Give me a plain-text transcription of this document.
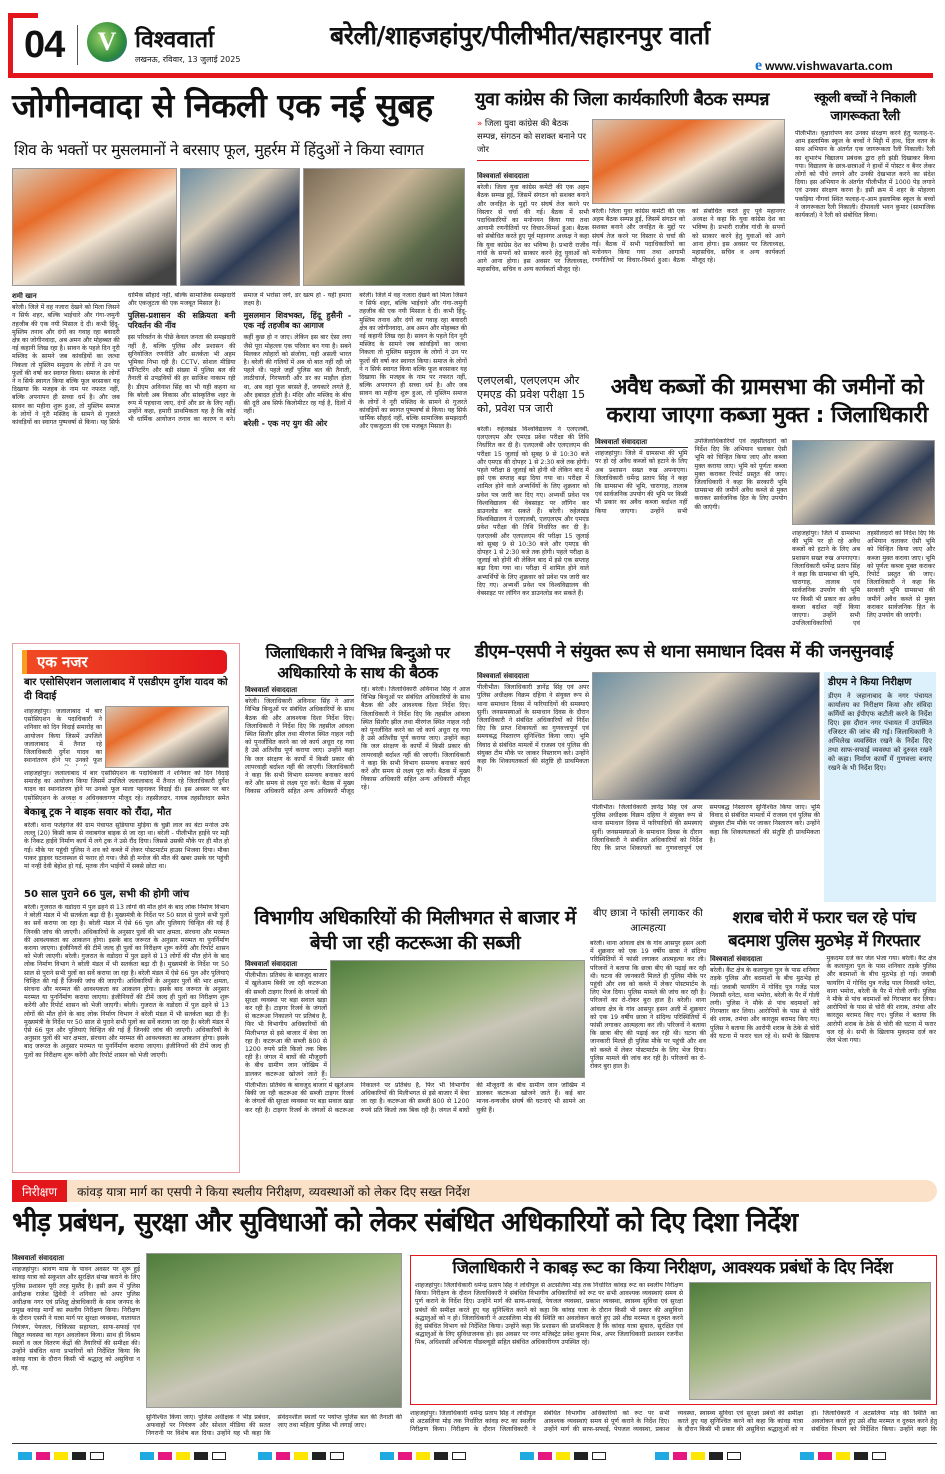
04	V विश्ववार्ता
लखनऊ, रविवार, 13 जुलाई 2025
बरेली/शाहजहांपुर/पीलीभीत/सहारनपुर वार्ता
e www.vishwavarta.com
जोगीनवादा से निकली एक नई सुबह
शिव के भक्तों पर मुसलमानों ने बरसाए फूल, मुहर्रम में हिंदुओं ने किया स्वागत
शमी खान
बरेली। जिले में वह नजारा देखने को मिला जिसने न सिर्फ शहर, बल्कि भाईचारे और गंगा-जमुनी तहजीब की एक नयी मिसाल दे दी। कभी हिंदू-मुस्लिम तनाव और दंगों का गवाह रहा बवादरी क्षेत्र का जोगीनवादा, अब अमन और मोहब्बत की नई कहानी लिख रहा है। सावन के पहले दिन नूरी मस्जिद के सामने जब कांवड़ियों का जत्था निकला तो मुस्लिम समुदाय के लोगों ने उन पर फूलों की वर्षा कर स्वागत किया। समाज के लोगों ने न सिर्फ स्वागत किया बल्कि फूल बरसाकर यह दिखाया कि मजहब के नाम पर नफरत नहीं, बल्कि अपनापन ही सच्चा धर्म है। और जब सावन का महीना शुरू हुआ, तो मुस्लिम समाज के लोगों ने नूरी मस्जिद के सामने से गुजरते कांवड़ियों का स्वागत पुष्पवर्षा से किया। यह सिर्फ धार्मिक सौहार्द नहीं, बल्कि सामाजिक समझदारी और एकजुटता की एक मजबूत मिसाल है।
पुलिस-प्रशासन की सक्रियता बनी परिवर्तन की नींव
इस परिवर्तन के पीछे केवल जनता की समझदारी नहीं है, बल्कि पुलिस और प्रशासन की सुनियोजित रणनीति और सतर्कता भी अहम भूमिका निभा रही है। CCTV, सोशल मीडिया मॉनिटरिंग और बड़ी संख्या में पुलिस बल की तैनाती से उपद्रवियों की हर साजिश नाकाम रही है। डीएम अविनाश सिंह का भी यही कहना था कि बरेली अब विकास और सांस्कृतिक शहर के रूप में पहचाना जाए, दंगों और डर के लिए नहीं। उन्होंने कहा, हमारी प्राथमिकता यह है कि कोई भी धार्मिक आयोजन तनाव का कारण न बने। समाज में भरोसा जगे, डर खत्म हो - यही हमारा लक्ष्य है।
मुसलमान शिवभक्त, हिंदू हुसैनी - एक नई तहजीब का आगाज
कहीं कुछ हो न जाए। लेकिन इस बार ऐसा लगा जैसे पूरा मोहल्ला एक परिवार बन गया है। सबने मिलकर त्योहारों को संजोया, यही असली भारत है। बरेली की गलियों में अब वो बात नहीं रही जो पहले थी। पहले जहाँ पुलिस बल की तैनाती, लाठीचार्ज, गिरफ्तारी और डर का माहौल होता था, अब वहां फूल बरसते हैं, जयकारे लगते हैं, और इबादत होती है। मंदिर और मस्जिद के बीच की दूरी अब सिर्फ किलोमीटर रह गई है, दिलों में नहीं।
बरेली - एक नए युग की ओर
बरेली। जिले में वह नजारा देखने को मिला जिसने न सिर्फ शहर, बल्कि भाईचारे और गंगा-जमुनी तहजीब की एक नयी मिसाल दे दी। कभी हिंदू-मुस्लिम तनाव और दंगों का गवाह रहा बवादरी क्षेत्र का जोगीनवादा, अब अमन और मोहब्बत की नई कहानी लिख रहा है। सावन के पहले दिन नूरी मस्जिद के सामने जब कांवड़ियों का जत्था निकला तो मुस्लिम समुदाय के लोगों ने उन पर फूलों की वर्षा कर स्वागत किया। समाज के लोगों ने न सिर्फ स्वागत किया बल्कि फूल बरसाकर यह दिखाया कि मजहब के नाम पर नफरत नहीं, बल्कि अपनापन ही सच्चा धर्म है। और जब सावन का महीना शुरू हुआ, तो मुस्लिम समाज के लोगों ने नूरी मस्जिद के सामने से गुजरते कांवड़ियों का स्वागत पुष्पवर्षा से किया। यह सिर्फ धार्मिक सौहार्द नहीं, बल्कि सामाजिक समझदारी और एकजुटता की एक मजबूत मिसाल है।
युवा कांग्रेस की जिला कार्यकारिणी बैठक सम्पन्न
» जिला युवा कांग्रेस की बैठक सम्पन्न, संगठन को सशक्त बनाने पर जोर
विश्ववार्ता संवाददाता
बरेली। जिला युवा कांग्रेस कमेटी की एक अहम बैठक सम्पन्न हुई, जिसमें संगठन को सशक्त बनाने और जनहित के मुद्दों पर संघर्ष तेज करने पर विस्तार से चर्चा की गई। बैठक में सभी पदाधिकारियों का मनोनयन किया गया तथा आगामी रणनीतियों पर विचार-विमर्श हुआ। बैठक को संबोधित करते हुए पूर्व महानगर अध्यक्ष ने कहा कि युवा कांग्रेस देश का भविष्य है। प्रभारी राजीव गांधी के सपनों को साकार करने हेतु युवाओं को आगे आना होगा। इस अवसर पर जिलाध्यक्ष, महासचिव, सचिव व अन्य कार्यकर्ता मौजूद रहे।
बरेली। जिला युवा कांग्रेस कमेटी की एक अहम बैठक सम्पन्न हुई, जिसमें संगठन को सशक्त बनाने और जनहित के मुद्दों पर संघर्ष तेज करने पर विस्तार से चर्चा की गई। बैठक में सभी पदाधिकारियों का मनोनयन किया गया तथा आगामी रणनीतियों पर विचार-विमर्श हुआ। बैठक को संबोधित करते हुए पूर्व महानगर अध्यक्ष ने कहा कि युवा कांग्रेस देश का भविष्य है। प्रभारी राजीव गांधी के सपनों को साकार करने हेतु युवाओं को आगे आना होगा। इस अवसर पर जिलाध्यक्ष, महासचिव, सचिव व अन्य कार्यकर्ता मौजूद रहे।
स्कूली बच्चों ने निकाली जागरूकता रैली
पीलीभीत। वृक्षारोपण कर उनका संरक्षण करने हेतु फलाह-ए-आम इस्लामिक स्कूल के बच्चों ने मिट्टी में हाथ, दिल वतन के साथ अभियान के अंतर्गत एक जागरूकता रैली निकाली। रैली का शुभारंभ विद्यालय प्रबंधक द्वारा हरी झंडी दिखाकर किया गया। विद्यालय के छात्र-छात्राओं ने हाथों में पोस्टर व बैनर लेकर लोगों को पौधे लगाने और उनकी देखभाल करने का संदेश दिया। इस अभियान के अंतर्गत पीलीभीत में 1000 पेड़ लगाने एवं उनका संरक्षण करना है। इसी क्रम में शहर के मोहल्ला पकड़िया नौगवां स्थित फलाह-ए-आम इस्लामिक स्कूल के बच्चों ने जागरूकता रैली निकाली। दीपावली भवन कुमार (सामाजिक कार्यकर्ता) ने रैली को संबोधित किया।
एलएलबी, एलएलएम और एमएड की प्रवेश परीक्षा 15 को, प्रवेश पत्र जारी
बरेली। रुहेलखंड विश्वविद्यालय ने एलएलबी, एलएलएम और एमएड प्रवेश परीक्षा की तिथि निर्धारित कर दी है। एलएलबी और एलएलएम की परीक्षा 15 जुलाई को सुबह 9 से 10:30 बजे और एमएड की दोपहर 1 से 2:30 बजे तक होगी। पहले परीक्षा 8 जुलाई को होनी थी लेकिन बाद में इसे एक सप्ताह बढ़ा दिया गया था। परीक्षा में शामिल होने वाले अभ्यर्थियों के लिए शुक्रवार को प्रवेश पत्र जारी कर दिए गए। अभ्यर्थी प्रवेश पत्र विश्वविद्यालय की वेबसाइट पर लॉगिन कर डाउनलोड कर सकते हैं। बरेली। रुहेलखंड विश्वविद्यालय ने एलएलबी, एलएलएम और एमएड प्रवेश परीक्षा की तिथि निर्धारित कर दी है। एलएलबी और एलएलएम की परीक्षा 15 जुलाई को सुबह 9 से 10:30 बजे और एमएड की दोपहर 1 से 2:30 बजे तक होगी। पहले परीक्षा 8 जुलाई को होनी थी लेकिन बाद में इसे एक सप्ताह बढ़ा दिया गया था। परीक्षा में शामिल होने वाले अभ्यर्थियों के लिए शुक्रवार को प्रवेश पत्र जारी कर दिए गए। अभ्यर्थी प्रवेश पत्र विश्वविद्यालय की वेबसाइट पर लॉगिन कर डाउनलोड कर सकते हैं।
अवैध कब्जों की ग्रामसभा की जमीनों को कराया जाएगा कब्जा मुक्त : जिलाधिकारी
विश्ववार्ता संवाददाता
शाहजहांपुर। जिले में ग्रामसभा की भूमि पर हो रहे अवैध कब्जों को हटाने के लिए अब प्रशासन सख्त रुख अपनाएगा। जिलाधिकारी धर्मेन्द्र प्रताप सिंह ने कहा कि ग्रामसभा की भूमि, चारागाह, तालाब एवं सार्वजनिक उपयोग की भूमि पर किसी भी प्रकार का अवैध कब्जा बर्दाश्त नहीं किया जाएगा। उन्होंने सभी उपजिलाधिकारियों एवं तहसीलदारों को निर्देश दिए कि अभियान चलाकर ऐसी भूमि को चिन्हित किया जाए और कब्जा मुक्त कराया जाए। भूमि को पूर्णतः कब्जा मुक्त कराकर रिपोर्ट प्रस्तुत की जाए। जिलाधिकारी ने कहा कि सरकारी भूमि ग्रामसभा की जमीनें अवैध कब्जे से मुक्त कराकर सार्वजनिक हित के लिए उपयोग की जाएंगी।
शाहजहांपुर। जिले में ग्रामसभा की भूमि पर हो रहे अवैध कब्जों को हटाने के लिए अब प्रशासन सख्त रुख अपनाएगा। जिलाधिकारी धर्मेन्द्र प्रताप सिंह ने कहा कि ग्रामसभा की भूमि, चारागाह, तालाब एवं सार्वजनिक उपयोग की भूमि पर किसी भी प्रकार का अवैध कब्जा बर्दाश्त नहीं किया जाएगा। उन्होंने सभी उपजिलाधिकारियों एवं तहसीलदारों को निर्देश दिए कि अभियान चलाकर ऐसी भूमि को चिन्हित किया जाए और कब्जा मुक्त कराया जाए। भूमि को पूर्णतः कब्जा मुक्त कराकर रिपोर्ट प्रस्तुत की जाए। जिलाधिकारी ने कहा कि सरकारी भूमि ग्रामसभा की जमीनें अवैध कब्जे से मुक्त कराकर सार्वजनिक हित के लिए उपयोग की जाएंगी।
एक नजर
बार एसोसिएशन जलालाबाद में एसडीएम दुर्गेश यादव को दी विदाई
शाहजहांपुर। जलालाबाद में बार एसोसिएशन के पदाधिकारी ने शनिवार को दिन विदाई समारोह का आयोजन किया जिसमें उपजिले जलालाबाद में तैनात रहे जिलाधिकारी दुर्गेश यादव का स्थानांतरण होने पर उनको फूल
शाहजहांपुर। जलालाबाद में बार एसोसिएशन के पदाधिकारी ने शनिवार को दिन विदाई समारोह का आयोजन किया जिसमें उपजिले जलालाबाद में तैनात रहे जिलाधिकारी दुर्गेश यादव का स्थानांतरण होने पर उनको फूल माला पहनाकर विदाई दी। इस अवसर पर बार एसोसिएशन के अध्यक्ष व अधिवक्तागण मौजूद रहे। तहसीलदार, नायब तहसीलदार समेत
बेकाबू ट्रक ने बाइक सवार को रौंदा, मौत
बरेली। थाना फतेहगंज की ग्राम पंचायत सुडियाया मुड़िया के चुन्नी लाल का बेटा मनोज उर्फ लल्लू (20) किसी काम से नवाबगंज बाइक से जा रहा था। बरेली - पीलीभीत हाईवे पर मड़ी के निकट हाईवे निर्माण कार्य में लगे ट्रक ने उसे रौंद दिया। जिससे उसकी मौके पर ही मौत हो गई। मौके पर पहुंची पुलिस ने शव को कब्जे में लेकर पोस्टमार्टम हाउस भिजवा दिया। मौका पाकर ड्राइवर घटनास्थल से फरार हो गया। जैसे ही मनोज की मौत की खबर उसके घर पहुंची मां नन्ही देवी बेहोश हो गई, मृतक तीन भाईयों में सबसे छोटा था।
50 साल पुराने 66 पुल, सभी की होगी जांच
बरेली। गुजरात के वडोदरा में पुल ढहने से 13 लोगों की मौत होने के बाद लोक निर्माण विभाग ने बरेली मंडल में भी सतर्कता बढ़ा दी है। मुख्यमंत्री के निर्देश पर 50 साल से पुराने सभी पुलों का सर्वे कराया जा रहा है। बरेली मंडल में ऐसे 66 पुल और पुलियाएं चिन्हित की गई हैं जिनकी जांच की जाएगी। अधिकारियों के अनुसार पुलों की भार क्षमता, संरचना और मरम्मत की आवश्यकता का आकलन होगा। इसके बाद जरूरत के अनुसार मरम्मत या पुनर्निर्माण कराया जाएगा। इंजीनियरों की टीमें जल्द ही पुलों का निरीक्षण शुरू करेंगी और रिपोर्ट शासन को भेजी जाएगी। बरेली। गुजरात के वडोदरा में पुल ढहने से 13 लोगों की मौत होने के बाद लोक निर्माण विभाग ने बरेली मंडल में भी सतर्कता बढ़ा दी है। मुख्यमंत्री के निर्देश पर 50 साल से पुराने सभी पुलों का सर्वे कराया जा रहा है। बरेली मंडल में ऐसे 66 पुल और पुलियाएं चिन्हित की गई हैं जिनकी जांच की जाएगी। अधिकारियों के अनुसार पुलों की भार क्षमता, संरचना और मरम्मत की आवश्यकता का आकलन होगा। इसके बाद जरूरत के अनुसार मरम्मत या पुनर्निर्माण कराया जाएगा। इंजीनियरों की टीमें जल्द ही पुलों का निरीक्षण शुरू करेंगी और रिपोर्ट शासन को भेजी जाएगी। बरेली। गुजरात के वडोदरा में पुल ढहने से 13 लोगों की मौत होने के बाद लोक निर्माण विभाग ने बरेली मंडल में भी सतर्कता बढ़ा दी है। मुख्यमंत्री के निर्देश पर 50 साल से पुराने सभी पुलों का सर्वे कराया जा रहा है। बरेली मंडल में ऐसे 66 पुल और पुलियाएं चिन्हित की गई हैं जिनकी जांच की जाएगी। अधिकारियों के अनुसार पुलों की भार क्षमता, संरचना और मरम्मत की आवश्यकता का आकलन होगा। इसके बाद जरूरत के अनुसार मरम्मत या पुनर्निर्माण कराया जाएगा। इंजीनियरों की टीमें जल्द ही पुलों का निरीक्षण शुरू करेंगी और रिपोर्ट शासन को भेजी जाएगी।
जिलाधिकारी ने विभिन्न बिन्दुओ पर अधिकारियो के साथ की बैठक
विश्ववार्ता संवाददाता
बरेली। जिलाधिकारी अविनाश सिंह ने आज विभिन्न बिन्दुओं पर संबंधित अधिकारियों के साथ बैठक की और आवश्यक दिशा निर्देश दिए। जिलाधिकारी ने निर्देश दिए कि तहसील आंवला स्थित सिलौर झील तथा मीरगंज स्थित नाहल नदी को पुनर्जीवित करने का जो कार्य अधूरा रह गया है उसे अतिशीघ्र पूर्ण कराया जाए। उन्होंने कहा कि जल संरक्षण के कार्यों में किसी प्रकार की लापरवाही बर्दाश्त नहीं की जाएगी। जिलाधिकारी ने कहा कि सभी विभाग समन्वय बनाकर कार्य करें और समय से लक्ष्य पूरा करें। बैठक में मुख्य विकास अधिकारी सहित अन्य अधिकारी मौजूद रहे। बरेली। जिलाधिकारी अविनाश सिंह ने आज विभिन्न बिन्दुओं पर संबंधित अधिकारियों के साथ बैठक की और आवश्यक दिशा निर्देश दिए। जिलाधिकारी ने निर्देश दिए कि तहसील आंवला स्थित सिलौर झील तथा मीरगंज स्थित नाहल नदी को पुनर्जीवित करने का जो कार्य अधूरा रह गया है उसे अतिशीघ्र पूर्ण कराया जाए। उन्होंने कहा कि जल संरक्षण के कार्यों में किसी प्रकार की लापरवाही बर्दाश्त नहीं की जाएगी। जिलाधिकारी ने कहा कि सभी विभाग समन्वय बनाकर कार्य करें और समय से लक्ष्य पूरा करें। बैठक में मुख्य विकास अधिकारी सहित अन्य अधिकारी मौजूद रहे।
डीएम–एसपी ने संयुक्त रूप से थाना समाधान दिवस में की जनसुनवाई
विश्ववार्ता संवाददाता
पीलीभीत। जिलाधिकारी ज्ञानेंद्र सिंह एवं अपर पुलिस अधीक्षक विक्रम दहिया ने संयुक्त रूप से थाना समाधान दिवस में फरियादियों की समस्याएं सुनीं। जनसमस्याओं के समाधान दिवस के दौरान जिलाधिकारी ने संबंधित अधिकारियों को निर्देश दिए कि प्राप्त शिकायतों का गुणवत्तापूर्ण एवं समयबद्ध निस्तारण सुनिश्चित किया जाए। भूमि विवाद से संबंधित मामलों में राजस्व एवं पुलिस की संयुक्त टीम मौके पर जाकर निस्तारण करे। उन्होंने कहा कि शिकायतकर्ता की संतुष्टि ही प्राथमिकता है।
पीलीभीत। जिलाधिकारी ज्ञानेंद्र सिंह एवं अपर पुलिस अधीक्षक विक्रम दहिया ने संयुक्त रूप से थाना समाधान दिवस में फरियादियों की समस्याएं सुनीं। जनसमस्याओं के समाधान दिवस के दौरान जिलाधिकारी ने संबंधित अधिकारियों को निर्देश दिए कि प्राप्त शिकायतों का गुणवत्तापूर्ण एवं समयबद्ध निस्तारण सुनिश्चित किया जाए। भूमि विवाद से संबंधित मामलों में राजस्व एवं पुलिस की संयुक्त टीम मौके पर जाकर निस्तारण करे। उन्होंने कहा कि शिकायतकर्ता की संतुष्टि ही प्राथमिकता है।
डीएम ने किया निरीक्षण
डीएम ने जहानाबाद के नगर पंचायत कार्यालय का निरीक्षण किया और संविदा कर्मियों का ईपीएफ कटौती करने के निर्देश दिए। इस दौरान नगर पंचायत में उपस्थित रजिस्टर की जांच की गई। जिलाधिकारी ने अभिलेख व्यवस्थित रखने के निर्देश दिए तथा साफ-सफाई व्यवस्था को दुरुस्त रखने को कहा। निर्माण कार्यों में गुणवत्ता बनाए रखने के भी निर्देश दिए।
विभागीय अधिकारियों की मिलीभगत से बाजार में बेची जा रही कटरूआ की सब्जी
विश्ववार्ता संवाददाता
पीलीभीत। प्रतिबंध के बावजूद बाजार में खुलेआम बिकी जा रही कटरूआ की सब्जी टाइगर रिजर्व के जंगलों की सुरक्षा व्यवस्था पर बड़ा सवाल खड़ा कर रही है। टाइगर रिजर्व के जंगलों से कटरूआ निकालने पर प्रतिबंध है, फिर भी विभागीय अधिकारियों की मिलीभगत से इसे बाजार में बेचा जा रहा है। कटरूआ की सब्जी 800 से 1200 रुपये प्रति किलो तक बिक रही है। जंगल में बाघों की मौजूदगी के बीच ग्रामीण जान जोखिम में डालकर कटरूआ खोजने जाते हैं।
पीलीभीत। प्रतिबंध के बावजूद बाजार में खुलेआम बिकी जा रही कटरूआ की सब्जी टाइगर रिजर्व के जंगलों की सुरक्षा व्यवस्था पर बड़ा सवाल खड़ा कर रही है। टाइगर रिजर्व के जंगलों से कटरूआ निकालने पर प्रतिबंध है, फिर भी विभागीय अधिकारियों की मिलीभगत से इसे बाजार में बेचा जा रहा है। कटरूआ की सब्जी 800 से 1200 रुपये प्रति किलो तक बिक रही है। जंगल में बाघों की मौजूदगी के बीच ग्रामीण जान जोखिम में डालकर कटरूआ खोजने जाते हैं। कई बार मानव-वन्यजीव संघर्ष की घटनाएं भी सामने आ चुकी हैं।
बीए छात्रा ने फांसी लगाकर की आत्महत्या
बरेली। थाना आंवला क्षेत्र के गांव आसपुर हसन अली में शुक्रवार को एक 19 वर्षीय छात्रा ने संदिग्ध परिस्थितियों में फांसी लगाकर आत्महत्या कर ली। परिजनों ने बताया कि छात्रा बीए की पढ़ाई कर रही थी। घटना की जानकारी मिलते ही पुलिस मौके पर पहुंची और शव को कब्जे में लेकर पोस्टमार्टम के लिए भेज दिया। पुलिस मामले की जांच कर रही है। परिजनों का रो-रोकर बुरा हाल है। बरेली। थाना आंवला क्षेत्र के गांव आसपुर हसन अली में शुक्रवार को एक 19 वर्षीय छात्रा ने संदिग्ध परिस्थितियों में फांसी लगाकर आत्महत्या कर ली। परिजनों ने बताया कि छात्रा बीए की पढ़ाई कर रही थी। घटना की जानकारी मिलते ही पुलिस मौके पर पहुंची और शव को कब्जे में लेकर पोस्टमार्टम के लिए भेज दिया। पुलिस मामले की जांच कर रही है। परिजनों का रो-रोकर बुरा हाल है।
शराब चोरी में फरार चल रहे पांच बदमाश पुलिस मुठभेड़ में गिरफ्तार
विश्ववार्ता संवाददाता
बरेली। कैंट क्षेत्र के कलापुला पुल के पास शनिवार तड़के पुलिस और बदमाशों के बीच मुठभेड़ हो गई। जवाबी फायरिंग में गोविंद पुत्र गजेंद्र पाल निवासी धनेटा, थाना भमोरा, बरेली के पैर में गोली लगी। पुलिस ने मौके से पांच बदमाशों को गिरफ्तार कर लिया। आरोपियों के पास से चोरी की शराब, तमंचा और कारतूस बरामद किए गए। पुलिस ने बताया कि आरोपी शराब के ठेके से चोरी की घटना में फरार चल रहे थे। सभी के खिलाफ मुकदमा दर्ज कर जेल भेजा गया। बरेली। कैंट क्षेत्र के कलापुला पुल के पास शनिवार तड़के पुलिस और बदमाशों के बीच मुठभेड़ हो गई। जवाबी फायरिंग में गोविंद पुत्र गजेंद्र पाल निवासी धनेटा, थाना भमोरा, बरेली के पैर में गोली लगी। पुलिस ने मौके से पांच बदमाशों को गिरफ्तार कर लिया। आरोपियों के पास से चोरी की शराब, तमंचा और कारतूस बरामद किए गए। पुलिस ने बताया कि आरोपी शराब के ठेके से चोरी की घटना में फरार चल रहे थे। सभी के खिलाफ मुकदमा दर्ज कर जेल भेजा गया।
निरीक्षण कांवड़ यात्रा मार्ग का एसपी ने किया स्थलीय निरीक्षण, व्यवस्थाओं को लेकर दिए सख्त निर्देश
भीड़ प्रबंधन, सुरक्षा और सुविधाओं को लेकर संबंधित अधिकारियों को दिए दिशा निर्देश
विश्ववार्ता संवाददाता
शाहजहांपुर। श्रावण मास के पावन अवसर पर शुरू हुई कांवड़ यात्रा को सकुशल और सुरक्षित संपन्न कराने के लिए पुलिस प्रशासन पूरी तरह मुस्तैद है। इसी क्रम में पुलिस अधीक्षक राजेश द्विवेदी ने शनिवार को अपर पुलिस अधीक्षक नगर एवं प्रशिक्षु क्षेत्राधिकारी के साथ जनपद के प्रमुख कांवड़ मार्गों का स्थलीय निरीक्षण किया। निरीक्षण के दौरान एसपी ने यात्रा मार्ग पर सुरक्षा व्यवस्था, यातायात नियंत्रण, पेयजल, चिकित्सा सहायता, साफ-सफाई एवं विद्युत व्यवस्था का गहन अवलोकन किया। साथ ही विश्राम स्थलों व जल वितरण केंद्रों की तैयारियों की समीक्षा की। उन्होंने संबंधित थाना प्रभारियों को निर्देशित किया कि कांवड़ यात्रा के दौरान किसी भी श्रद्धालु को असुविधा न हो, यह
सुनिश्चित किया जाए। पुलिस अधीक्षक ने भीड़ प्रबंधन, अफवाहों पर नियंत्रण और सोशल मीडिया की सतत निगरानी पर विशेष बल दिया। उन्होंने यह भी कहा कि संवेदनशील स्थलों पर पर्याप्त पुलिस बल की तैनाती की जाए तथा महिला पुलिस भी लगाई जाए।
जिलाधिकारी ने काबड़ रूट का किया निरीक्षण, आवश्यक प्रबंधों के दिए निर्देश
शाहजहांपुर। जिलाधिकारी धर्मेन्द्र प्रताप सिंह ने लोधीपुल से अटसलिया मोड़ तक निर्धारित कांवड़ रूट का स्थलीय निरीक्षण किया। निरीक्षण के दौरान जिलाधिकारी ने संबंधित विभागीय अधिकारियों को रूट पर सभी आवश्यक व्यवस्थाएं समय से पूर्ण कराने के निर्देश दिए। उन्होंने मार्ग की साफ-सफाई, पेयजल व्यवस्था, प्रकाश व्यवस्था, स्वास्थ्य सुविधा एवं सुरक्षा प्रबंधों की समीक्षा करते हुए यह सुनिश्चित करने को कहा कि कांवड़ यात्रा के दौरान किसी भी प्रकार की असुविधा श्रद्धालुओं को न हो। जिलाधिकारी ने अटसलिया मोड़ की स्थिति का अवलोकन करते हुए उसे शीघ्र मरम्मत व दुरुस्त करने हेतु संबंधित विभाग को निर्देशित किया। उन्होंने कहा कि प्रशासन की प्राथमिकता है कि कांवड़ यात्रा सुचारु, सुरक्षित एवं श्रद्धालुओं के लिए सुविधाजनक हो। इस अवसर पर नगर मजिस्ट्रेट प्रवेश कुमार मिश्र, अपर जिलाधिकारी प्रशासन रजनीश मिश्र, अधिशासी अभियंता पीडब्ल्यूडी सहित संबंधित अधिकारीगण उपस्थित रहे।
शाहजहांपुर। जिलाधिकारी धर्मेन्द्र प्रताप सिंह ने लोधीपुल से अटसलिया मोड़ तक निर्धारित कांवड़ रूट का स्थलीय निरीक्षण किया। निरीक्षण के दौरान जिलाधिकारी ने संबंधित विभागीय अधिकारियों को रूट पर सभी आवश्यक व्यवस्थाएं समय से पूर्ण कराने के निर्देश दिए। उन्होंने मार्ग की साफ-सफाई, पेयजल व्यवस्था, प्रकाश व्यवस्था, स्वास्थ्य सुविधा एवं सुरक्षा प्रबंधों की समीक्षा करते हुए यह सुनिश्चित करने को कहा कि कांवड़ यात्रा के दौरान किसी भी प्रकार की असुविधा श्रद्धालुओं को न हो। जिलाधिकारी ने अटसलिया मोड़ की स्थिति का अवलोकन करते हुए उसे शीघ्र मरम्मत व दुरुस्त करने हेतु संबंधित विभाग को निर्देशित किया। उन्होंने कहा कि
